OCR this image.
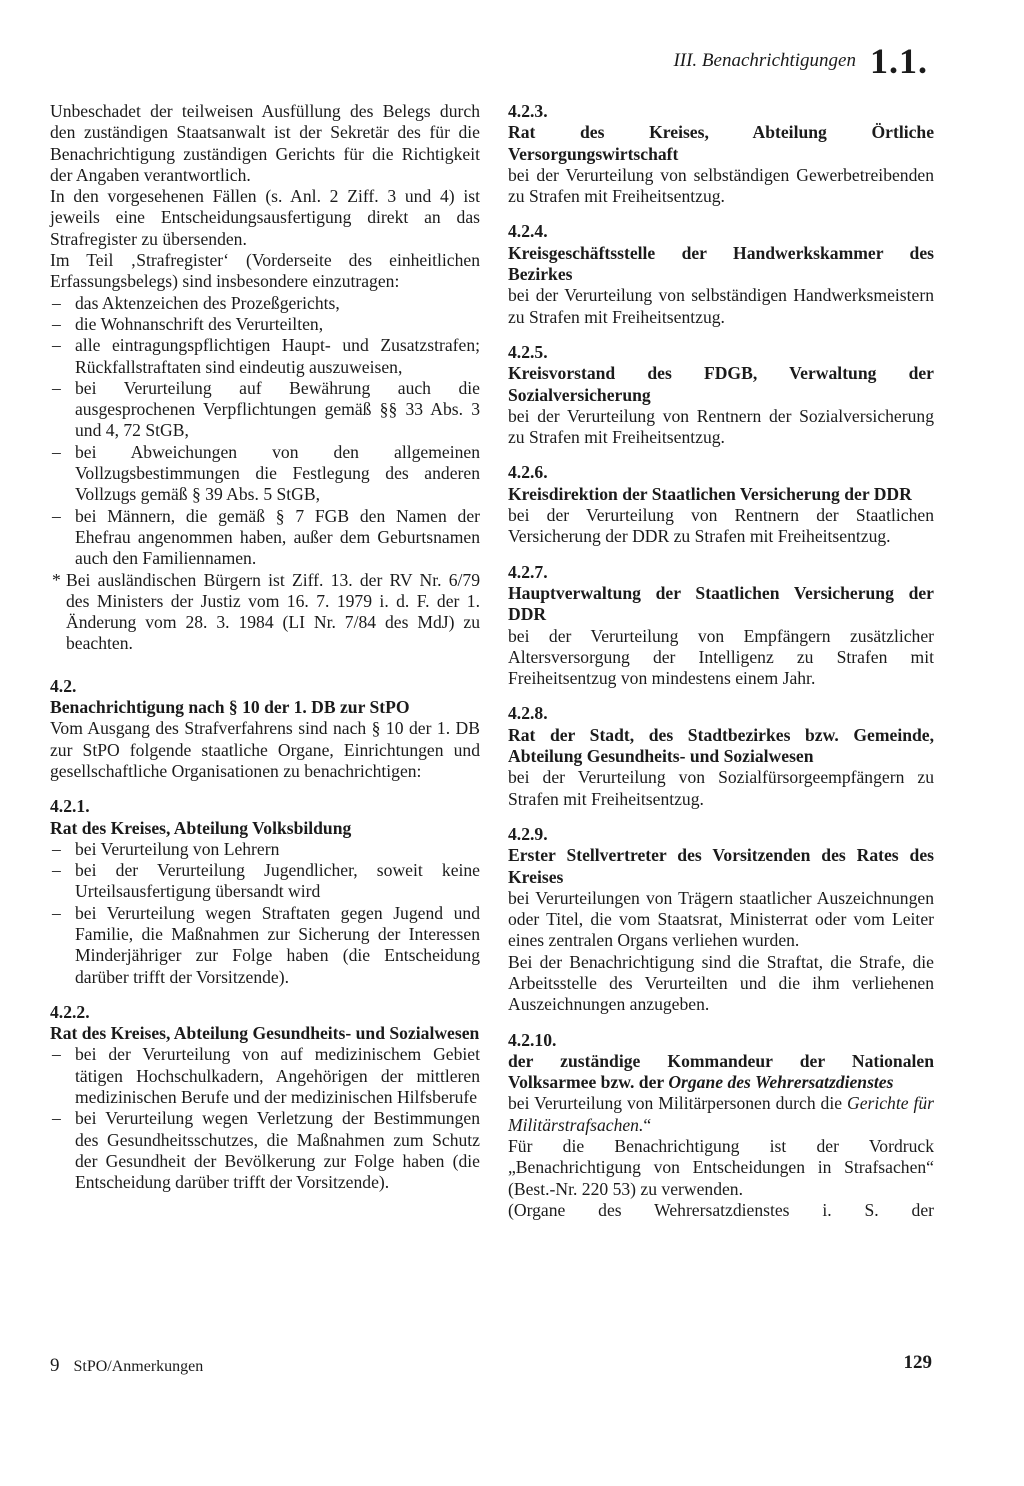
III. Benachrichtigungen 1.1.

Unbeschadet der teilweisen Ausfüllung des Belegs durch den zuständigen Staatsanwalt ist der Sekretär des für die Benachrichtigung zuständigen Gerichts für die Richtigkeit der Angaben verantwortlich.

In den vorgesehenen Fällen (s. Anl. 2 Ziff. 3 und 4) ist jeweils eine Entscheidungsausfertigung direkt an das Strafregister zu übersenden.

Im Teil ‚Strafregister‘ (Vorderseite des einheitlichen Erfassungsbelegs) sind insbesondere einzutragen:

– das Aktenzeichen des Prozeßgerichts,
– die Wohnanschrift des Verurteilten,
– alle eintragungspflichtigen Haupt- und Zusatzstrafen; Rückfallstraftaten sind eindeutig auszuweisen,
– bei Verurteilung auf Bewährung auch die ausgesprochenen Verpflichtungen gemäß §§ 33 Abs. 3 und 4, 72 StGB,
– bei Abweichungen von den allgemeinen Vollzugsbestimmungen die Festlegung des anderen Vollzugs gemäß § 39 Abs. 5 StGB,
– bei Männern, die gemäß § 7 FGB den Namen der Ehefrau angenommen haben, außer dem Geburtsnamen auch den Familiennamen.
* Bei ausländischen Bürgern ist Ziff. 13. der RV Nr. 6/79 des Ministers der Justiz vom 16. 7. 1979 i. d. F. der 1. Änderung vom 28. 3. 1984 (LI Nr. 7/84 des MdJ) zu beachten.

4.2.

Benachrichtigung nach § 10 der 1. DB zur StPO

Vom Ausgang des Strafverfahrens sind nach § 10 der 1. DB zur StPO folgende staatliche Organe, Einrichtungen und gesellschaftliche Organisationen zu benachrichtigen:

4.2.1.

Rat des Kreises, Abteilung Volksbildung

– bei Verurteilung von Lehrern
– bei der Verurteilung Jugendlicher, soweit keine Urteilsausfertigung übersandt wird
– bei Verurteilung wegen Straftaten gegen Jugend und Familie, die Maßnahmen zur Sicherung der Interessen Minderjähriger zur Folge haben (die Entscheidung darüber trifft der Vorsitzende).

4.2.2.

Rat des Kreises, Abteilung Gesundheits- und Sozialwesen

– bei der Verurteilung von auf medizinischem Gebiet tätigen Hochschulkadern, Angehörigen der mittleren medizinischen Berufe und der medizinischen Hilfsberufe
– bei Verurteilung wegen Verletzung der Bestimmungen des Gesundheitsschutzes, die Maßnahmen zum Schutz der Gesundheit der Bevölkerung zur Folge haben (die Entscheidung darüber trifft der Vorsitzende).

4.2.3.

Rat des Kreises, Abteilung Örtliche Versorgungswirtschaft

bei der Verurteilung von selbständigen Gewerbetreibenden zu Strafen mit Freiheitsentzug.

4.2.4.

Kreisgeschäftsstelle der Handwerkskammer des Bezirkes

bei der Verurteilung von selbständigen Handwerksmeistern zu Strafen mit Freiheitsentzug.

4.2.5.

Kreisvorstand des FDGB, Verwaltung der Sozialversicherung

bei der Verurteilung von Rentnern der Sozialversicherung zu Strafen mit Freiheitsentzug.

4.2.6.

Kreisdirektion der Staatlichen Versicherung der DDR

bei der Verurteilung von Rentnern der Staatlichen Versicherung der DDR zu Strafen mit Freiheitsentzug.

4.2.7.

Hauptverwaltung der Staatlichen Versicherung der DDR

bei der Verurteilung von Empfängern zusätzlicher Altersversorgung der Intelligenz zu Strafen mit Freiheitsentzug von mindestens einem Jahr.

4.2.8.

Rat der Stadt, des Stadtbezirkes bzw. Gemeinde, Abteilung Gesundheits- und Sozialwesen

bei der Verurteilung von Sozialfürsorgeempfängern zu Strafen mit Freiheitsentzug.

4.2.9.

Erster Stellvertreter des Vorsitzenden des Rates des Kreises

bei Verurteilungen von Trägern staatlicher Auszeichnungen oder Titel, die vom Staatsrat, Ministerrat oder vom Leiter eines zentralen Organs verliehen wurden.

Bei der Benachrichtigung sind die Straftat, die Strafe, die Arbeitsstelle des Verurteilten und die ihm verliehenen Auszeichnungen anzugeben.

4.2.10.

der zuständige Kommandeur der Nationalen Volksarmee bzw. der Organe des Wehrersatzdienstes

bei Verurteilung von Militärpersonen durch die Gerichte für Militärstrafsachen.“

Für die Benachrichtigung ist der Vordruck „Benachrichtigung von Entscheidungen in Strafsachen“ (Best.-Nr. 220 53) zu verwenden.

(Organe des Wehrersatzdienstes i. S. der

9 StPO/Anmerkungen	129
